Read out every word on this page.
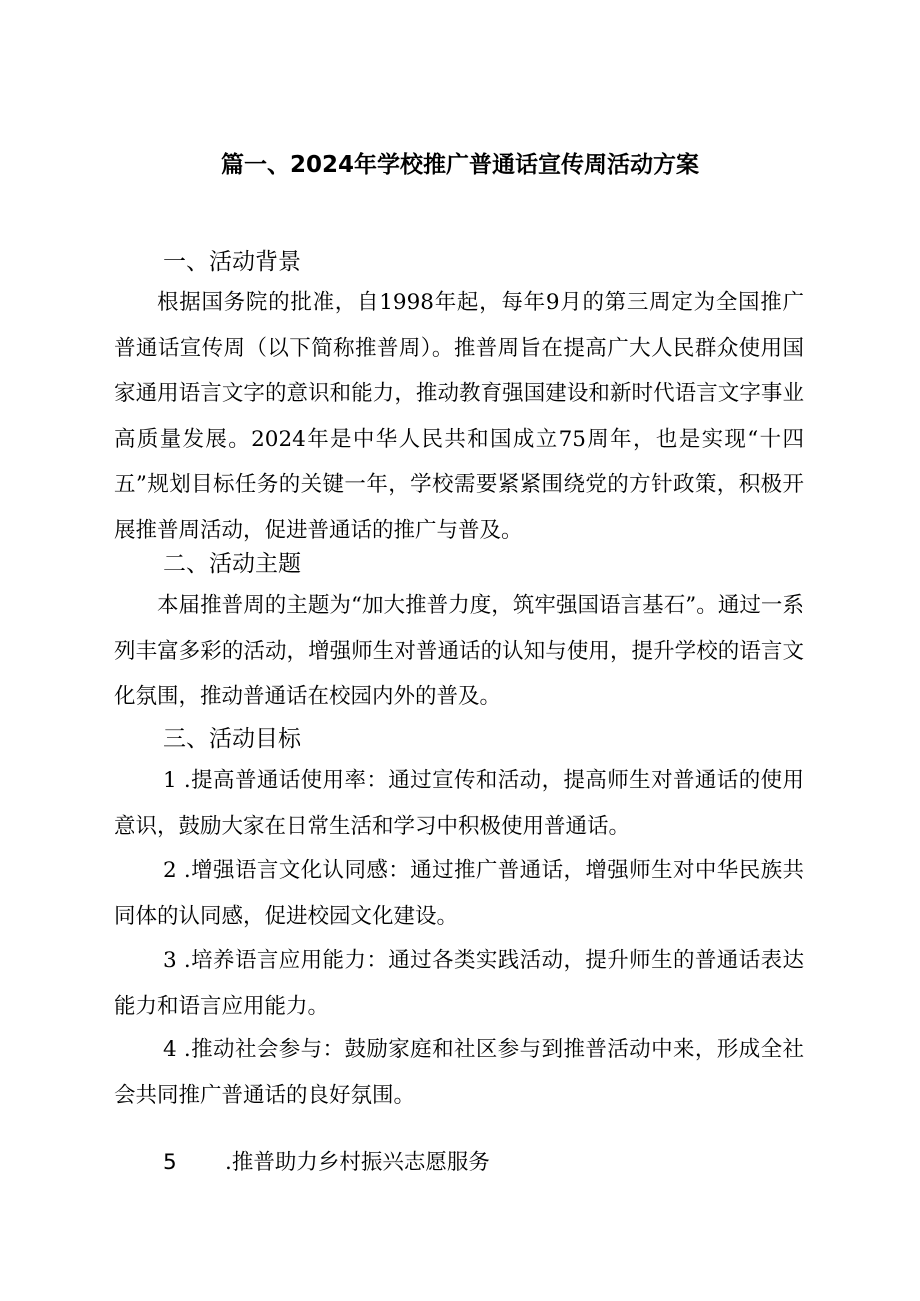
篇一、2024年学校推广普通话宣传周活动方案
一、活动背景

根据国务院的批准，自1998年起，每年9月的第三周定为全国推广普通话宣传周（以下简称推普周）。推普周旨在提高广大人民群众使用国家通用语言文字的意识和能力，推动教育强国建设和新时代语言文字事业高质量发展。2024年是中华人民共和国成立75周年，也是实现“十四五”规划目标任务的关键一年，学校需要紧紧围绕党的方针政策，积极开展推普周活动，促进普通话的推广与普及。

二、活动主题

本届推普周的主题为“加大推普力度，筑牢强国语言基石”。通过一系列丰富多彩的活动，增强师生对普通话的认知与使用，提升学校的语言文化氛围，推动普通话在校园内外的普及。

三、活动目标

1 .提高普通话使用率：通过宣传和活动，提高师生对普通话的使用意识，鼓励大家在日常生活和学习中积极使用普通话。

2 .增强语言文化认同感：通过推广普通话，增强师生对中华民族共同体的认同感，促进校园文化建设。

3 .培养语言应用能力：通过各类实践活动，提升师生的普通话表达能力和语言应用能力。

4 .推动社会参与：鼓励家庭和社区参与到推普活动中来，形成全社会共同推广普通话的良好氛围。

5 .推普助力乡村振兴志愿服务
